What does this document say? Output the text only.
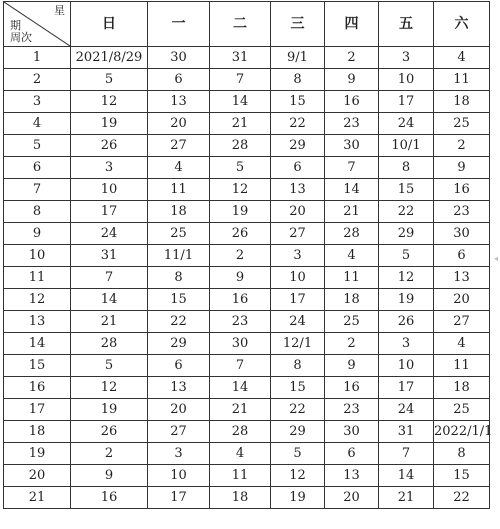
星
期
周次	日	一	二	三	四	五	六
1	2021/8/29	30	31	9/1	2	3	4
2	5	6	7	8	9	10	11
3	12	13	14	15	16	17	18
4	19	20	21	22	23	24	25
5	26	27	28	29	30	10/1	2
6	3	4	5	6	7	8	9
7	10	11	12	13	14	15	16
8	17	18	19	20	21	22	23
9	24	25	26	27	28	29	30
10	31	11/1	2	3	4	5	6
11	7	8	9	10	11	12	13
12	14	15	16	17	18	19	20
13	21	22	23	24	25	26	27
14	28	29	30	12/1	2	3	4
15	5	6	7	8	9	10	11
16	12	13	14	15	16	17	18
17	19	20	21	22	23	24	25
18	26	27	28	29	30	31	2022/1/1
19	2	3	4	5	6	7	8
20	9	10	11	12	13	14	15
21	16	17	18	19	20	21	22
◂
